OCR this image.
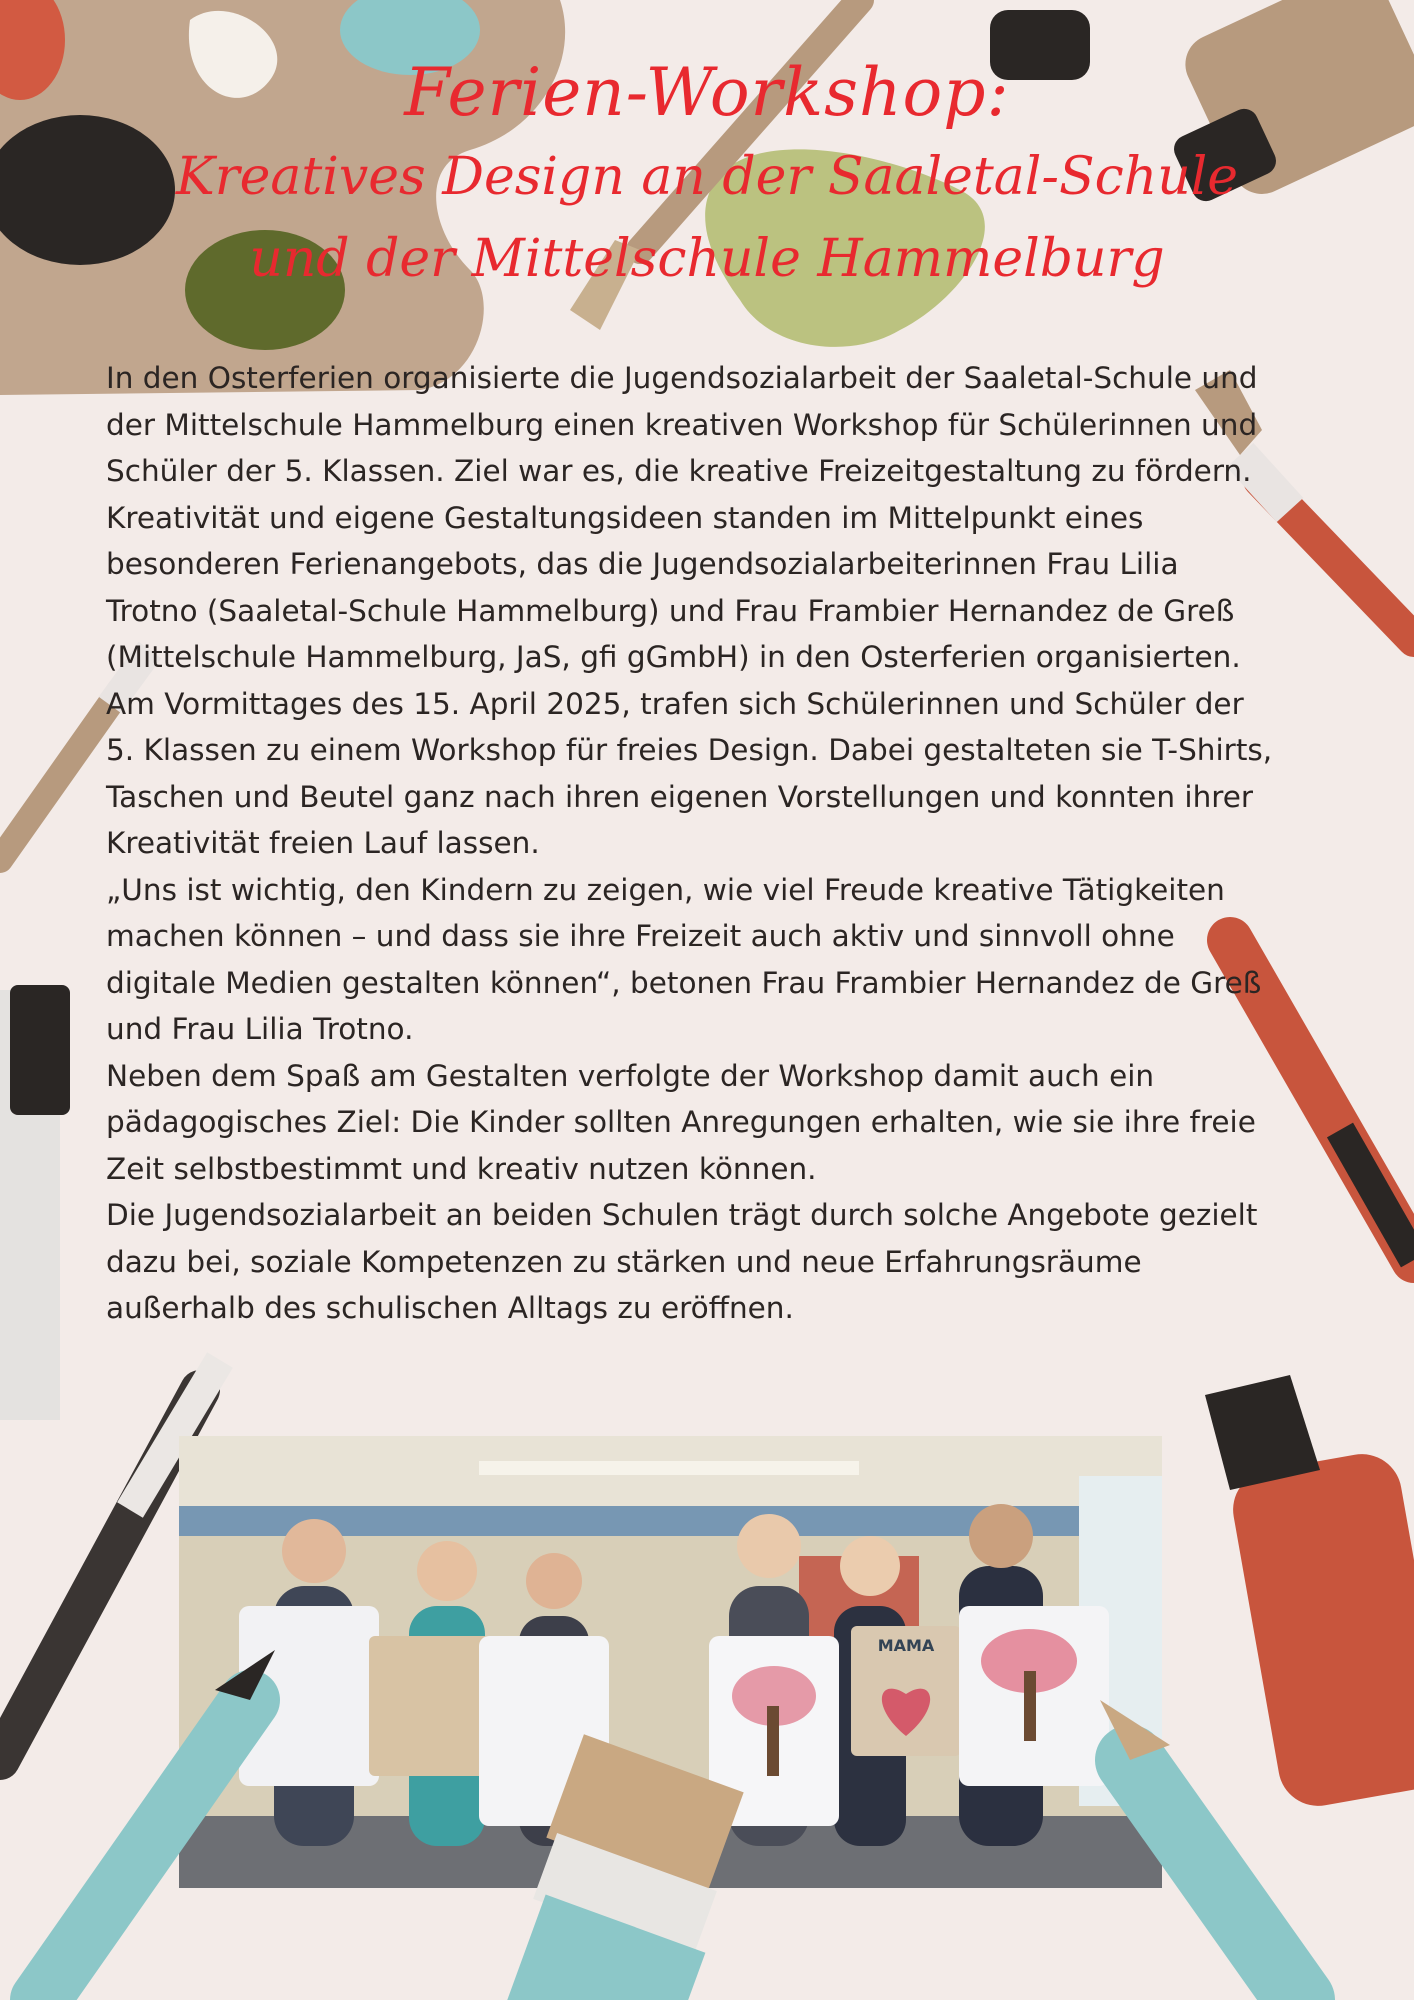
Ferien-Workshop:
Kreatives Design an der Saaletal-Schule
und der Mittelschule Hammelburg

In den Osterferien organisierte die Jugendsozialarbeit der Saaletal-Schule und der Mittelschule Hammelburg einen kreativen Workshop für Schülerinnen und Schüler der 5. Klassen. Ziel war es, die kreative Freizeitgestaltung zu fördern.

Kreativität und eigene Gestaltungsideen standen im Mittelpunkt eines besonderen Ferienangebots, das die Jugendsozialarbeiterinnen Frau Lilia Trotno (Saaletal-Schule Hammelburg) und Frau Frambier Hernandez de Greß (Mittelschule Hammelburg, JaS, gfi gGmbH) in den Osterferien organisierten.

Am Vormittages des 15. April 2025, trafen sich Schülerinnen und Schüler der 5. Klassen zu einem Workshop für freies Design. Dabei gestalteten sie T-Shirts, Taschen und Beutel ganz nach ihren eigenen Vorstellungen und konnten ihrer Kreativität freien Lauf lassen.

„Uns ist wichtig, den Kindern zu zeigen, wie viel Freude kreative Tätigkeiten machen können – und dass sie ihre Freizeit auch aktiv und sinnvoll ohne digitale Medien gestalten können“, betonen Frau Frambier Hernandez de Greß und Frau Lilia Trotno.

Neben dem Spaß am Gestalten verfolgte der Workshop damit auch ein pädagogisches Ziel: Die Kinder sollten Anregungen erhalten, wie sie ihre freie Zeit selbstbestimmt und kreativ nutzen können.

Die Jugendsozialarbeit an beiden Schulen trägt durch solche Angebote gezielt dazu bei, soziale Kompetenzen zu stärken und neue Erfahrungsräume außerhalb des schulischen Alltags zu eröffnen.

MAMA
